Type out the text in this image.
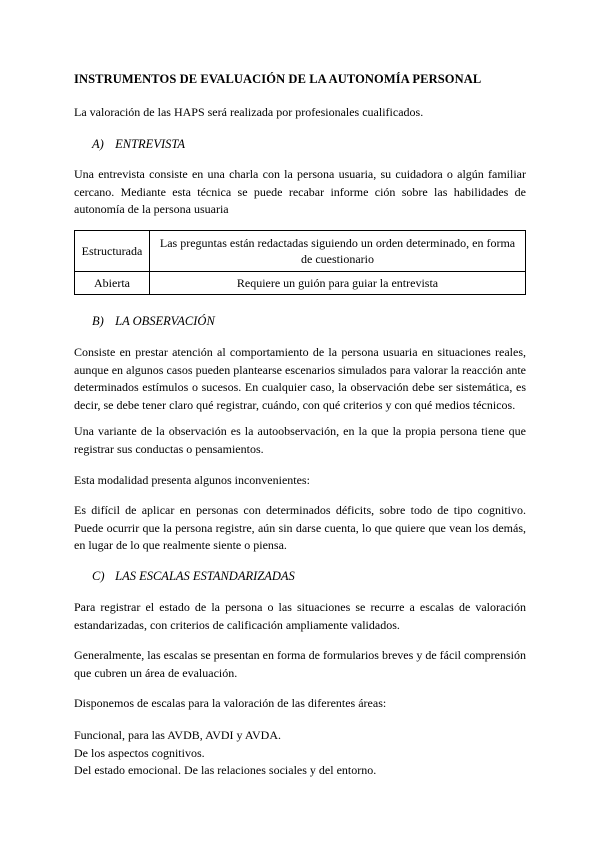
INSTRUMENTOS DE EVALUACIÓN DE LA AUTONOMÍA PERSONAL

La valoración de las HAPS será realizada por profesionales cualificados.

A) ENTREVISTA

Una entrevista consiste en una charla con la persona usuaria, su cuidadora o algún familiar cercano. Mediante esta técnica se puede recabar informe ción sobre las habilidades de autonomía de la persona usuaria

Estructurada	Las preguntas están redactadas siguiendo un orden determinado, en forma de cuestionario
Abierta	Requiere un guión para guiar la entrevista
B) LA OBSERVACIÓN

Consiste en prestar atención al comportamiento de la persona usuaria en situaciones reales, aunque en algunos casos pueden plantearse escenarios simulados para valorar la reacción ante determinados estímulos o sucesos. En cualquier caso, la observación debe ser sistemática, es decir, se debe tener claro qué registrar, cuándo, con qué criterios y con qué medios técnicos.

Una variante de la observación es la autoobservación, en la que la propia persona tiene que registrar sus conductas o pensamientos.

Esta modalidad presenta algunos inconvenientes:

Es difícil de aplicar en personas con determinados déficits, sobre todo de tipo cognitivo. Puede ocurrir que la persona registre, aún sin darse cuenta, lo que quiere que vean los demás, en lugar de lo que realmente siente o piensa.

C) LAS ESCALAS ESTANDARIZADAS

Para registrar el estado de la persona o las situaciones se recurre a escalas de valoración estandarizadas, con criterios de calificación ampliamente validados.

Generalmente, las escalas se presentan en forma de formularios breves y de fácil comprensión que cubren un área de evaluación.

Disponemos de escalas para la valoración de las diferentes áreas:

Funcional, para las AVDB, AVDI y AVDA.
De los aspectos cognitivos.
Del estado emocional. De las relaciones sociales y del entorno.
